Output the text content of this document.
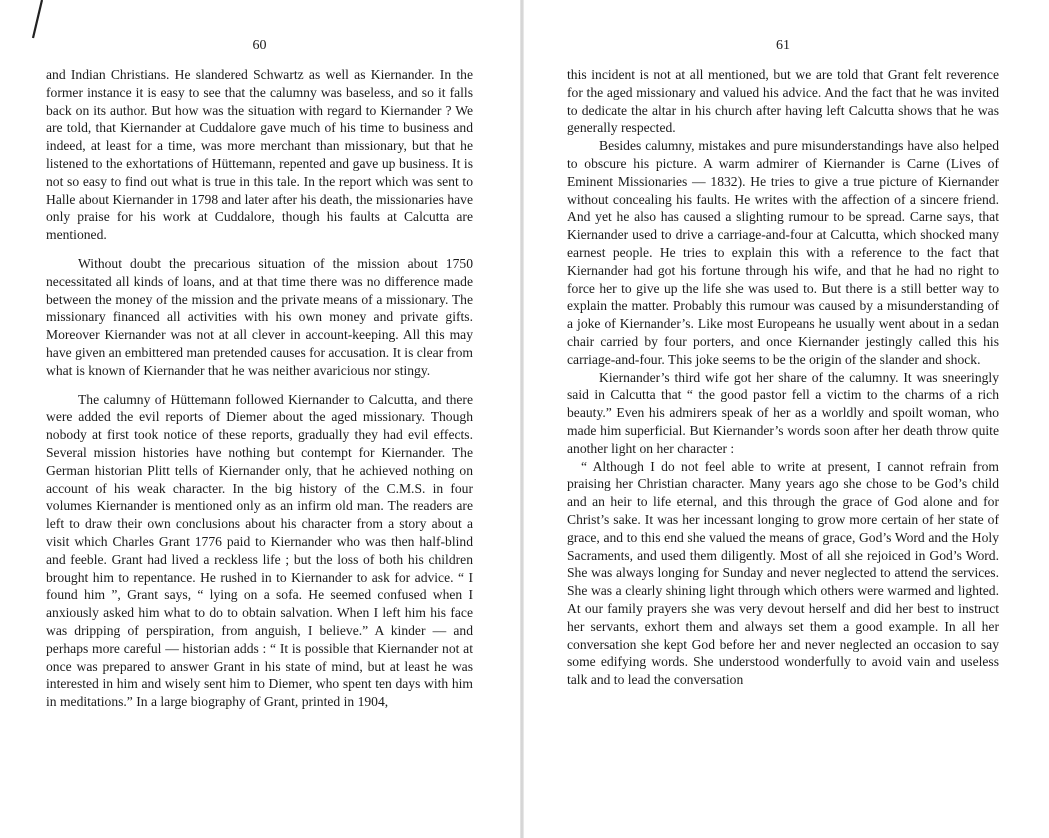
60

and Indian Christians. He slandered Schwartz as well as Kiernander. In the former instance it is easy to see that the calumny was baseless, and so it falls back on its author. But how was the situation with regard to Kiernander ? We are told, that Kiernander at Cuddalore gave much of his time to business and indeed, at least for a time, was more merchant than missionary, but that he listened to the exhortations of Hüttemann, repented and gave up business. It is not so easy to find out what is true in this tale. In the report which was sent to Halle about Kiernander in 1798 and later after his death, the missionaries have only praise for his work at Cuddalore, though his faults at Calcutta are mentioned.

Without doubt the precarious situation of the mission about 1750 necessitated all kinds of loans, and at that time there was no difference made between the money of the mission and the private means of a missionary. The missionary financed all activities with his own money and private gifts. Moreover Kiernander was not at all clever in account-keeping. All this may have given an embittered man pretended causes for accusation. It is clear from what is known of Kiernander that he was neither avaricious nor stingy.

The calumny of Hüttemann followed Kiernander to Calcutta, and there were added the evil reports of Diemer about the aged missionary. Though nobody at first took notice of these reports, gradually they had evil effects. Several mission histories have nothing but contempt for Kiernander. The German historian Plitt tells of Kiernander only, that he achieved nothing on account of his weak character. In the big history of the C.M.S. in four volumes Kiernander is mentioned only as an infirm old man. The readers are left to draw their own conclusions about his character from a story about a visit which Charles Grant 1776 paid to Kiernander who was then half-blind and feeble. Grant had lived a reckless life ; but the loss of both his children brought him to repentance. He rushed in to Kiernander to ask for advice. “ I found him ”, Grant says, “ lying on a sofa. He seemed confused when I anxiously asked him what to do to obtain salvation. When I left him his face was dripping of perspiration, from anguish, I believe.” A kinder — and perhaps more careful — historian adds : “ It is possible that Kiernander not at once was prepared to answer Grant in his state of mind, but at least he was interested in him and wisely sent him to Diemer, who spent ten days with him in meditations.” In a large biography of Grant, printed in 1904,

61

this incident is not at all mentioned, but we are told that Grant felt reverence for the aged missionary and valued his advice. And the fact that he was invited to dedicate the altar in his church after having left Calcutta shows that he was generally respected.

Besides calumny, mistakes and pure misunderstandings have also helped to obscure his picture. A warm admirer of Kiernander is Carne (Lives of Eminent Missionaries — 1832). He tries to give a true picture of Kiernander without concealing his faults. He writes with the affection of a sincere friend. And yet he also has caused a slighting rumour to be spread. Carne says, that Kiernander used to drive a carriage-and-four at Calcutta, which shocked many earnest people. He tries to explain this with a reference to the fact that Kiernander had got his fortune through his wife, and that he had no right to force her to give up the life she was used to. But there is a still better way to explain the matter. Probably this rumour was caused by a misunderstanding of a joke of Kiernander’s. Like most Europeans he usually went about in a sedan chair carried by four porters, and once Kiernander jestingly called this his carriage-and-four. This joke seems to be the origin of the slander and shock.

Kiernander’s third wife got her share of the calumny. It was sneeringly said in Calcutta that “ the good pastor fell a victim to the charms of a rich beauty.” Even his admirers speak of her as a worldly and spoilt woman, who made him superficial. But Kiernander’s words soon after her death throw quite another light on her character :

“ Although I do not feel able to write at present, I cannot refrain from praising her Christian character. Many years ago she chose to be God’s child and an heir to life eternal, and this through the grace of God alone and for Christ’s sake. It was her incessant longing to grow more certain of her state of grace, and to this end she valued the means of grace, God’s Word and the Holy Sacraments, and used them diligently. Most of all she rejoiced in God’s Word. She was always longing for Sunday and never neglected to attend the services. She was a clearly shining light through which others were warmed and lighted. At our family prayers she was very devout herself and did her best to instruct her servants, exhort them and always set them a good example. In all her conversation she kept God before her and never neglected an occasion to say some edifying words. She understood wonderfully to avoid vain and useless talk and to lead the conversation
